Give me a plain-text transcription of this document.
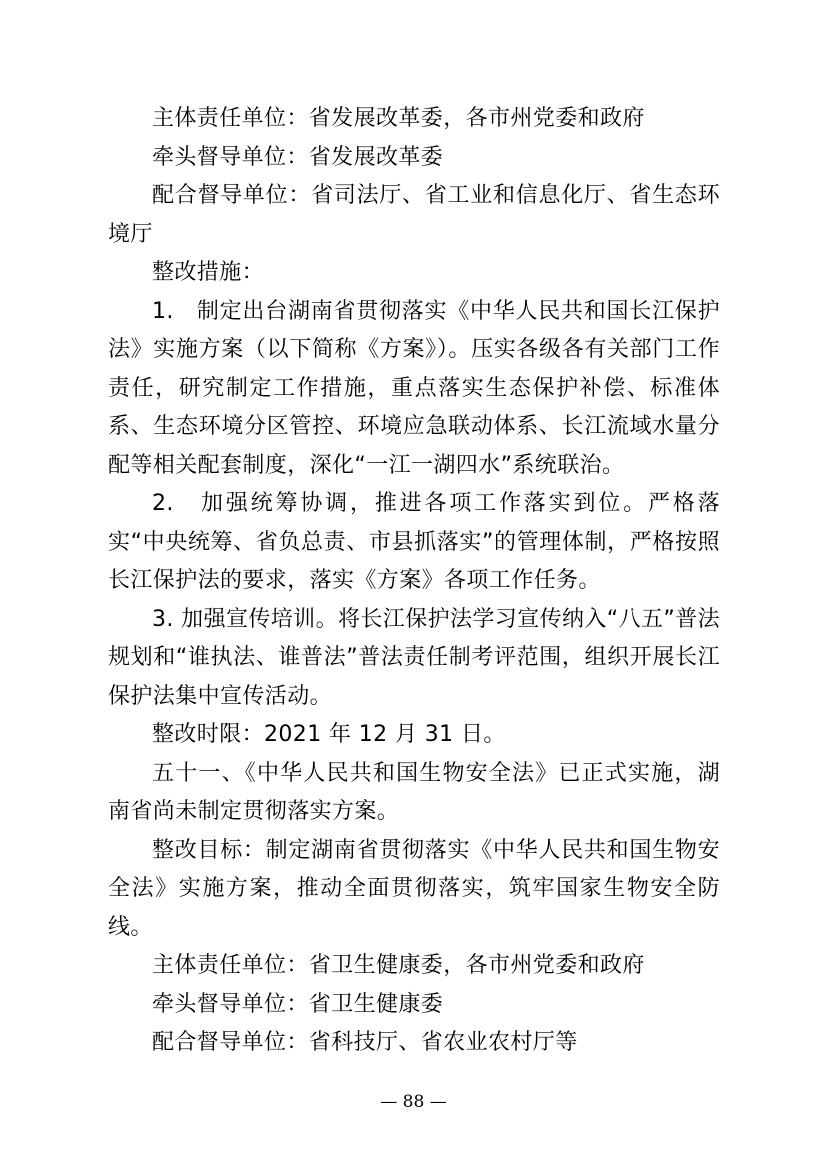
主体责任单位：省发展改革委，各市州党委和政府

牵头督导单位：省发展改革委

配合督导单位：省司法厅、省工业和信息化厅、省生态环境厅

整改措施：

1.　制定出台湖南省贯彻落实《中华人民共和国长江保护法》实施方案（以下简称《方案》）。压实各级各有关部门工作责任，研究制定工作措施，重点落实生态保护补偿、标准体系、生态环境分区管控、环境应急联动体系、长江流域水量分配等相关配套制度，深化“一江一湖四水”系统联治。

2.　加强统筹协调，推进各项工作落实到位。严格落实“中央统筹、省负总责、市县抓落实”的管理体制，严格按照长江保护法的要求，落实《方案》各项工作任务。

3. 加强宣传培训。将长江保护法学习宣传纳入“八五”普法规划和“谁执法、谁普法”普法责任制考评范围，组织开展长江保护法集中宣传活动。

整改时限：2021 年 12 月 31 日。

五十一、《中华人民共和国生物安全法》已正式实施，湖南省尚未制定贯彻落实方案。

整改目标：制定湖南省贯彻落实《中华人民共和国生物安全法》实施方案，推动全面贯彻落实，筑牢国家生物安全防线。

主体责任单位：省卫生健康委，各市州党委和政府

牵头督导单位：省卫生健康委

配合督导单位：省科技厅、省农业农村厅等

— 88 —
